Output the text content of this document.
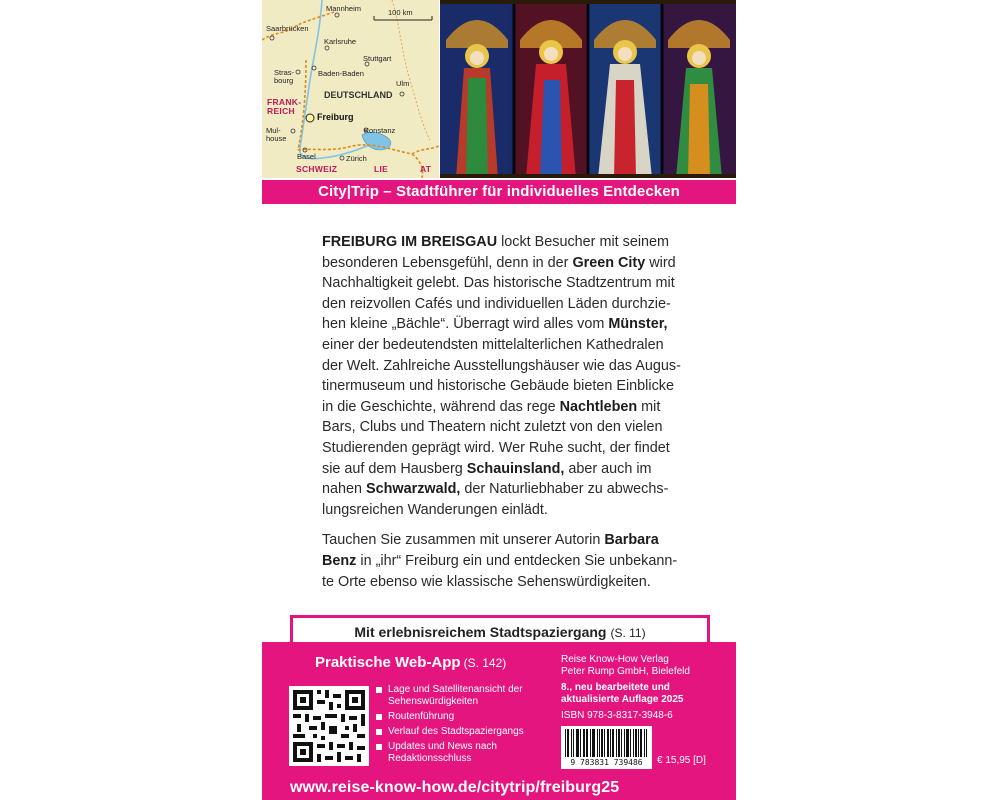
100 km
Mannheim
Saarbrücken
Karlsruhe
Stuttgart
Baden-Baden
Ulm
Stras-
bourg
FRANK-
REICH
DEUTSCHLAND
Freiburg
Konstanz
Mul-
house
Basel	Zürich
SCHWEIZ	LIE	AT
City|Trip – Stadtführer für individuelles Entdecken

FREIBURG IM BREISGAU lockt Besucher mit seinem besonderen Lebensgefühl, denn in der Green City wird Nachhaltigkeit gelebt. Das historische Stadtzentrum mit den reizvollen Cafés und individuellen Läden durchziehen kleine „Bächle“. Überragt wird alles vom Münster, einer der bedeutendsten mittelalterlichen Kathedralen der Welt. Zahlreiche Ausstellungshäuser wie das Augustinermuseum und historische Gebäude bieten Einblicke in die Geschichte, während das rege Nachtleben mit Bars, Clubs und Theatern nicht zuletzt von den vielen Studierenden geprägt wird. Wer Ruhe sucht, der findet sie auf dem Hausberg Schauinsland, aber auch im nahen Schwarzwald, der Naturliebhaber zu abwechslungsreichen Wanderungen einlädt.

Tauchen Sie zusammen mit unserer Autorin Barbara Benz in „ihr“ Freiburg ein und entdecken Sie unbekannte Orte ebenso wie klassische Sehenswürdigkeiten.

Mit erlebnisreichem Stadtspaziergang (S. 11)
Praktische Web-App (S. 142)
Lage und Satellitenansicht der Sehenswürdigkeiten
Routenführung
Verlauf des Stadtspaziergangs
Updates und News nach Redaktionsschluss
Reise Know-How Verlag
Peter Rump GmbH, Bielefeld
8., neu bearbeitete und aktualisierte Auflage 2025
ISBN 978-3-8317-3948-6
9 783831 739486	€ 15,95 [D]
www.reise-know-how.de/citytrip/freiburg25
